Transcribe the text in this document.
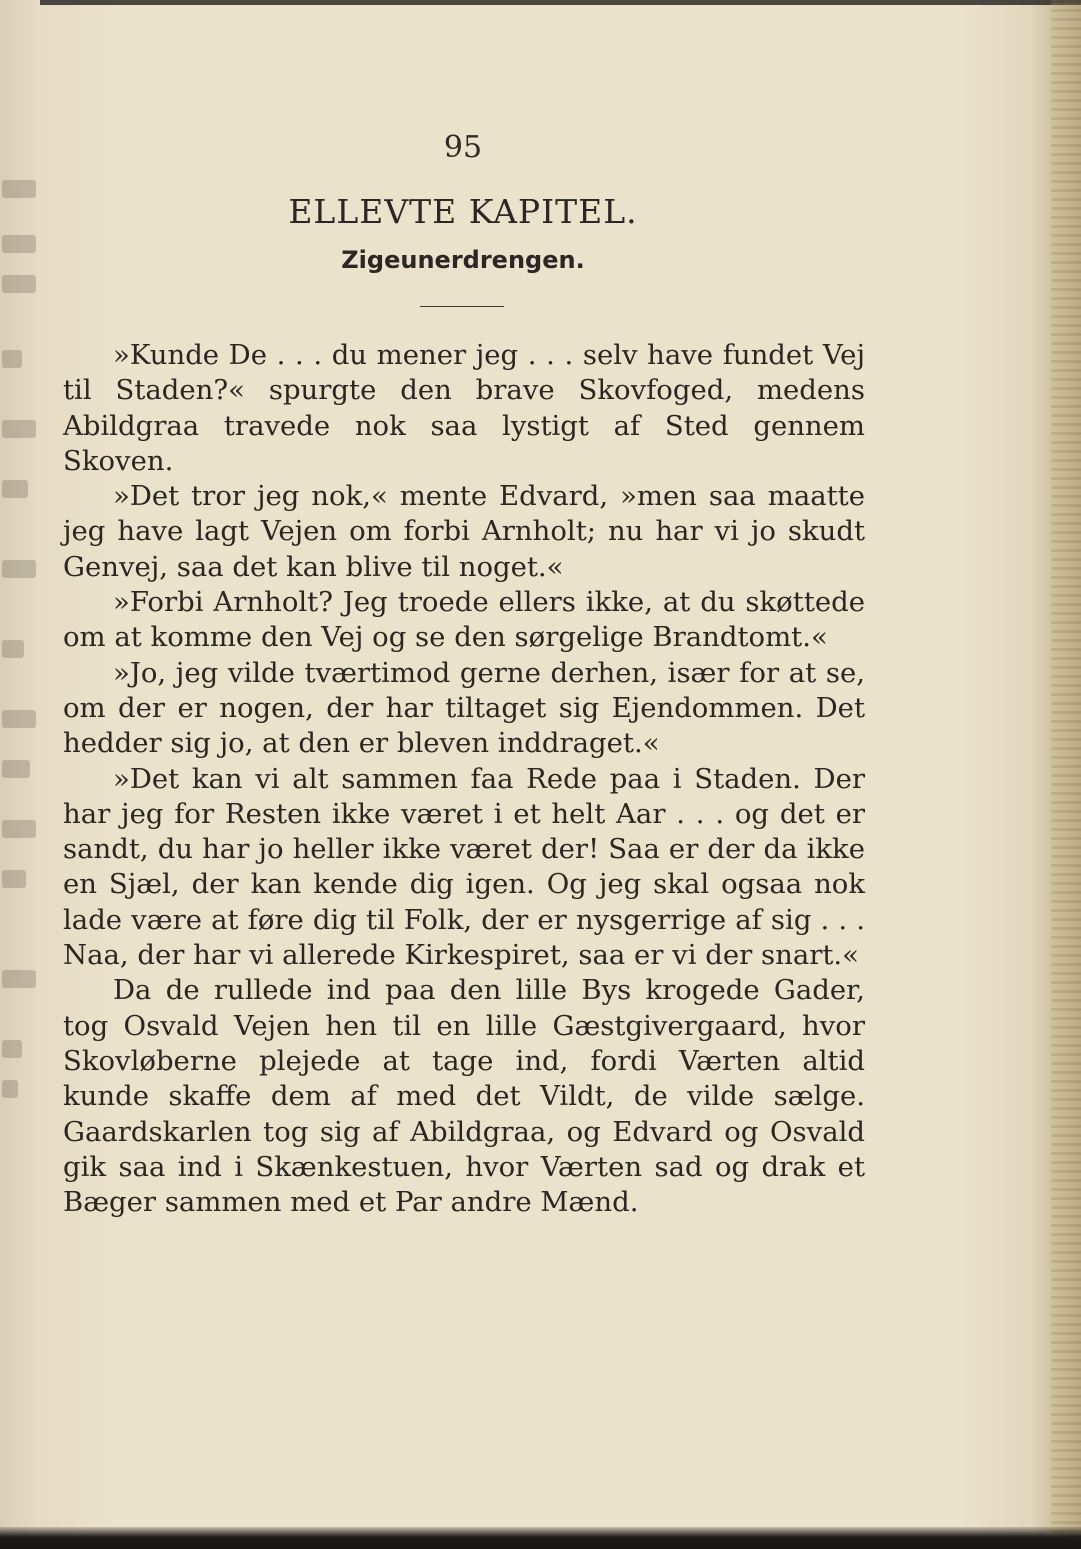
95
ELLEVTE KAPITEL.
Zigeunerdrengen.

»Kunde De . . . du mener jeg . . . selv have fundet Vej til Staden?« spurgte den brave Skovfoged, medens Abildgraa travede nok saa lystigt af Sted gennem Skoven.

»Det tror jeg nok,« mente Edvard, »men saa maatte jeg have lagt Vejen om forbi Arnholt; nu har vi jo skudt Genvej, saa det kan blive til noget.«

»Forbi Arnholt? Jeg troede ellers ikke, at du skøttede om at komme den Vej og se den sørgelige Brandtomt.«

»Jo, jeg vilde tværtimod gerne derhen, især for at se, om der er nogen, der har tiltaget sig Ejendommen. Det hedder sig jo, at den er bleven inddraget.«

»Det kan vi alt sammen faa Rede paa i Staden. Der har jeg for Resten ikke været i et helt Aar . . . og det er sandt, du har jo heller ikke været der! Saa er der da ikke en Sjæl, der kan kende dig igen. Og jeg skal ogsaa nok lade være at føre dig til Folk, der er nysgerrige af sig . . . Naa, der har vi allerede Kirkespiret, saa er vi der snart.«

Da de rullede ind paa den lille Bys krogede Gader, tog Osvald Vejen hen til en lille Gæstgivergaard, hvor Skovløberne plejede at tage ind, fordi Værten altid kunde skaffe dem af med det Vildt, de vilde sælge. Gaardskarlen tog sig af Abildgraa, og Edvard og Osvald gik saa ind i Skænkestuen, hvor Værten sad og drak et Bæger sammen med et Par andre Mænd.
